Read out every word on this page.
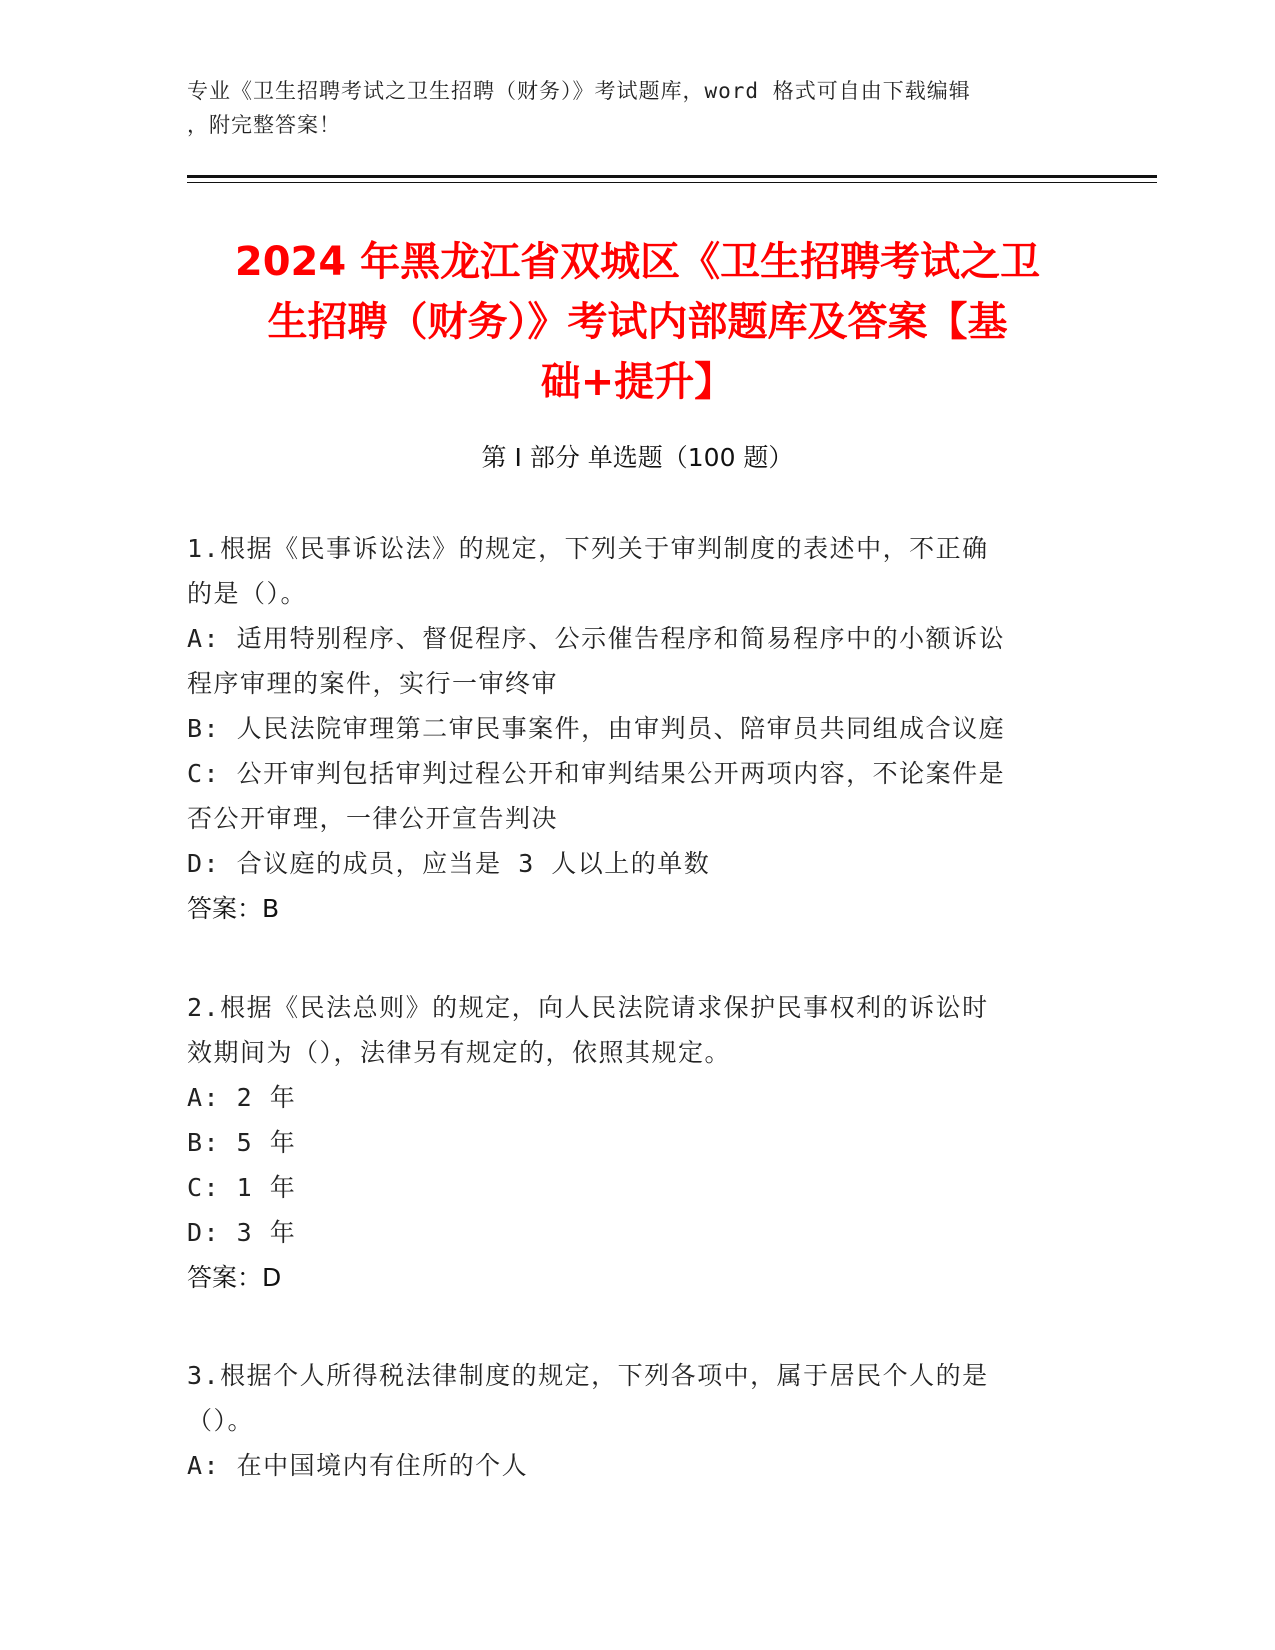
专业《卫生招聘考试之卫生招聘（财务）》考试题库，word 格式可自由下载编辑
，附完整答案！
2024 年黑龙江省双城区《卫生招聘考试之卫
生招聘（财务）》考试内部题库及答案【基
础+提升】
第 I 部分 单选题（100 题）
1.根据《民事诉讼法》的规定，下列关于审判制度的表述中，不正确
的是（）。
A: 适用特别程序、督促程序、公示催告程序和简易程序中的小额诉讼
程序审理的案件，实行一审终审
B: 人民法院审理第二审民事案件，由审判员、陪审员共同组成合议庭
C: 公开审判包括审判过程公开和审判结果公开两项内容，不论案件是
否公开审理，一律公开宣告判决
D: 合议庭的成员，应当是 3 人以上的单数
答案：B
2.根据《民法总则》的规定，向人民法院请求保护民事权利的诉讼时
效期间为（），法律另有规定的，依照其规定。
A: 2 年
B: 5 年
C: 1 年
D: 3 年
答案：D
3.根据个人所得税法律制度的规定，下列各项中，属于居民个人的是
（）。
A: 在中国境内有住所的个人
